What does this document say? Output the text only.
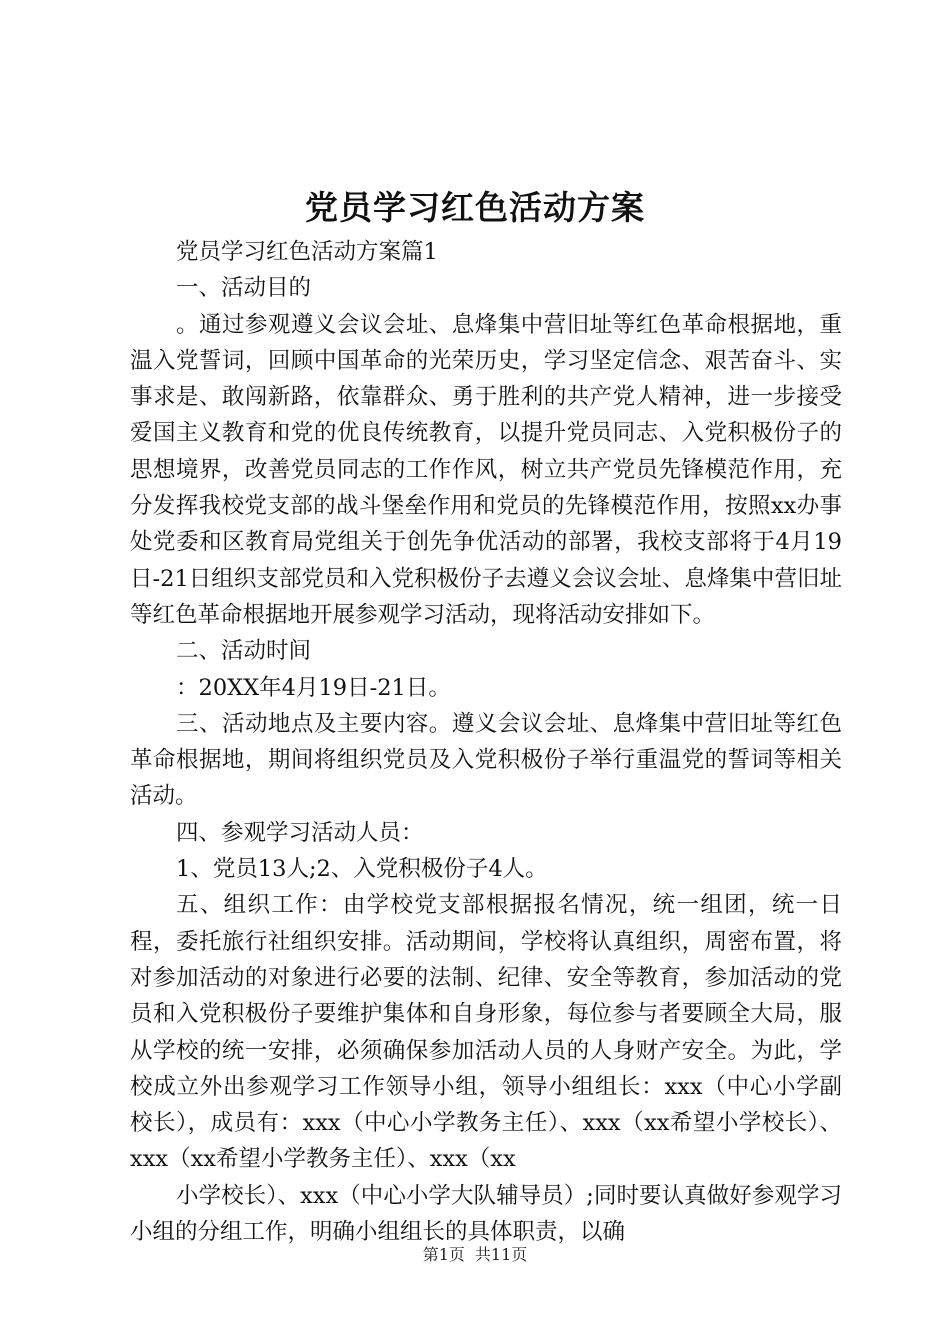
党员学习红色活动方案

党员学习红色活动方案篇1

一、活动目的

。通过参观遵义会议会址、息烽集中营旧址等红色革命根据地，重温入党誓词，回顾中国革命的光荣历史，学习坚定信念、艰苦奋斗、实事求是、敢闯新路，依靠群众、勇于胜利的共产党人精神，进一步接受爱国主义教育和党的优良传统教育，以提升党员同志、入党积极份子的思想境界，改善党员同志的工作作风，树立共产党员先锋模范作用，充分发挥我校党支部的战斗堡垒作用和党员的先锋模范作用，按照xx办事处党委和区教育局党组关于创先争优活动的部署，我校支部将于4月19日-21日组织支部党员和入党积极份子去遵义会议会址、息烽集中营旧址等红色革命根据地开展参观学习活动，现将活动安排如下。

二、活动时间

：20XX年4月19日-21日。

三、活动地点及主要内容。遵义会议会址、息烽集中营旧址等红色革命根据地，期间将组织党员及入党积极份子举行重温党的誓词等相关活动。

四、参观学习活动人员：

1、党员13人;2、入党积极份子4人。

五、组织工作：由学校党支部根据报名情况，统一组团，统一日程，委托旅行社组织安排。活动期间，学校将认真组织，周密布置，将对参加活动的对象进行必要的法制、纪律、安全等教育，参加活动的党员和入党积极份子要维护集体和自身形象，每位参与者要顾全大局，服从学校的统一安排，必须确保参加活动人员的人身财产安全。为此，学校成立外出参观学习工作领导小组，领导小组组长：xxx（中心小学副校长），成员有：xxx（中心小学教务主任）、xxx（xx希望小学校长）、xxx（xx希望小学教务主任）、xxx（xx

小学校长）、xxx（中心小学大队辅导员）;同时要认真做好参观学习小组的分组工作，明确小组组长的具体职责，以确

第1页 共11页
